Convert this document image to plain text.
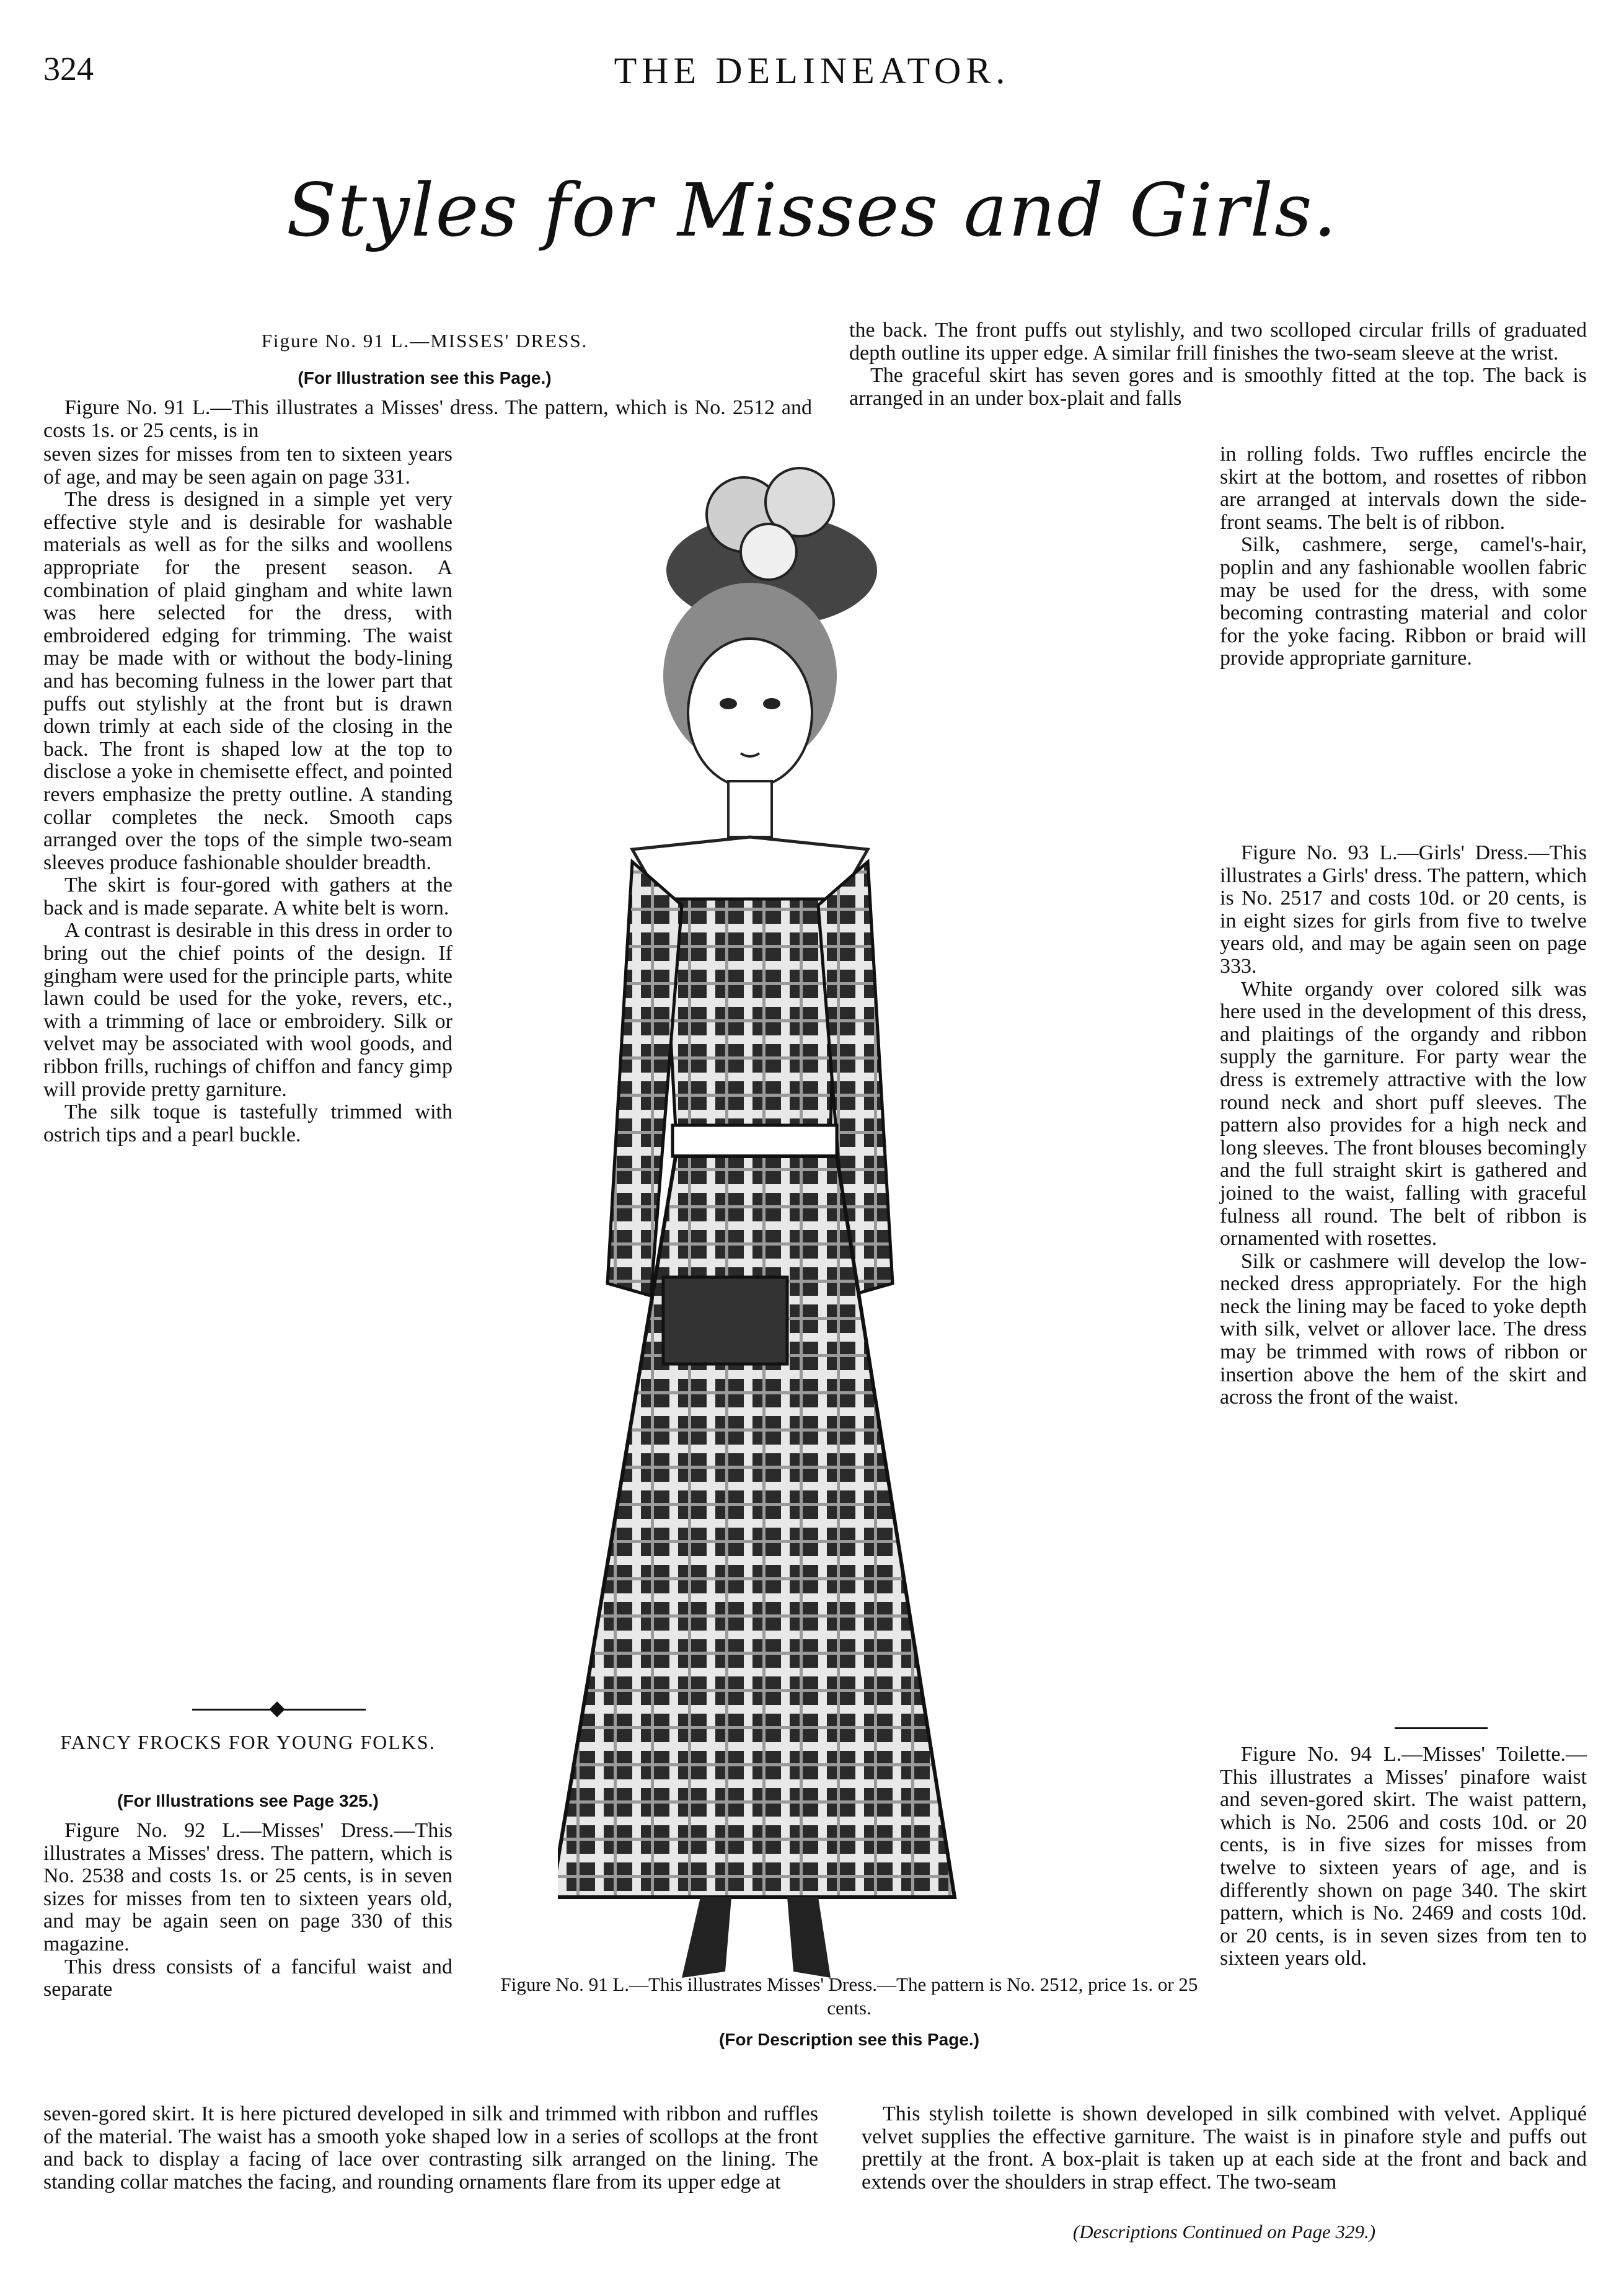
324	THE DELINEATOR.
Styles for Misses and Girls.
Figure No. 91 L.—MISSES' DRESS.
(For Illustration see this Page.)

Figure No. 91 L.—This illustrates a Misses' dress. The pattern, which is No. 2512 and costs 1s. or 25 cents, is in

seven sizes for misses from ten to sixteen years of age, and may be seen again on page 331.

The dress is designed in a simple yet very effective style and is desirable for washable materials as well as for the silks and woollens appropriate for the present season. A combination of plaid gingham and white lawn was here selected for the dress, with embroidered edging for trimming. The waist may be made with or without the body-lining and has becoming fulness in the lower part that puffs out stylishly at the front but is drawn down trimly at each side of the closing in the back. The front is shaped low at the top to disclose a yoke in chemisette effect, and pointed revers emphasize the pretty outline. A standing collar completes the neck. Smooth caps arranged over the tops of the simple two-seam sleeves produce fashionable shoulder breadth.

The skirt is four-gored with gathers at the back and is made separate. A white belt is worn.

A contrast is desirable in this dress in order to bring out the chief points of the design. If gingham were used for the principle parts, white lawn could be used for the yoke, revers, etc., with a trimming of lace or embroidery. Silk or velvet may be associated with wool goods, and ribbon frills, ruchings of chiffon and fancy gimp will provide pretty garniture.

The silk toque is tastefully trimmed with ostrich tips and a pearl buckle.

FANCY FROCKS FOR YOUNG FOLKS.
(For Illustrations see Page 325.)

Figure No. 92 L.—Misses' Dress.—This illustrates a Misses' dress. The pattern, which is No. 2538 and costs 1s. or 25 cents, is in seven sizes for misses from ten to sixteen years old, and may be again seen on page 330 of this magazine.

This dress consists of a fanciful waist and separate

the back. The front puffs out stylishly, and two scolloped circular frills of graduated depth outline its upper edge. A similar frill finishes the two-seam sleeve at the wrist.

The graceful skirt has seven gores and is smoothly fitted at the top. The back is arranged in an under box-plait and falls

in rolling folds. Two ruffles encircle the skirt at the bottom, and rosettes of ribbon are arranged at intervals down the side-front seams. The belt is of ribbon.

Silk, cashmere, serge, camel's-hair, poplin and any fashionable woollen fabric may be used for the dress, with some becoming contrasting material and color for the yoke facing. Ribbon or braid will provide appropriate garniture.

Figure No. 93 L.—Girls' Dress.—This illustrates a Girls' dress. The pattern, which is No. 2517 and costs 10d. or 20 cents, is in eight sizes for girls from five to twelve years old, and may be again seen on page 333.

White organdy over colored silk was here used in the development of this dress, and plaitings of the organdy and ribbon supply the garniture. For party wear the dress is extremely attractive with the low round neck and short puff sleeves. The pattern also provides for a high neck and long sleeves. The front blouses becomingly and the full straight skirt is gathered and joined to the waist, falling with graceful fulness all round. The belt of ribbon is ornamented with rosettes.

Silk or cashmere will develop the low-necked dress appropriately. For the high neck the lining may be faced to yoke depth with silk, velvet or allover lace. The dress may be trimmed with rows of ribbon or insertion above the hem of the skirt and across the front of the waist.

Figure No. 94 L.—Misses' Toilette.—This illustrates a Misses' pinafore waist and seven-gored skirt. The waist pattern, which is No. 2506 and costs 10d. or 20 cents, is in five sizes for misses from twelve to sixteen years of age, and is differently shown on page 340. The skirt pattern, which is No. 2469 and costs 10d. or 20 cents, is in seven sizes from ten to sixteen years old.

Figure No. 91 L.—This illustrates Misses' Dress.—The pattern is No. 2512, price 1s. or 25 cents.
(For Description see this Page.)

seven-gored skirt. It is here pictured developed in silk and trimmed with ribbon and ruffles of the material. The waist has a smooth yoke shaped low in a series of scollops at the front and back to display a facing of lace over contrasting silk arranged on the lining. The standing collar matches the facing, and rounding ornaments flare from its upper edge at

This stylish toilette is shown developed in silk combined with velvet. Appliqué velvet supplies the effective garniture. The waist is in pinafore style and puffs out prettily at the front. A box-plait is taken up at each side at the front and back and extends over the shoulders in strap effect. The two-seam

(Descriptions Continued on Page 329.)
